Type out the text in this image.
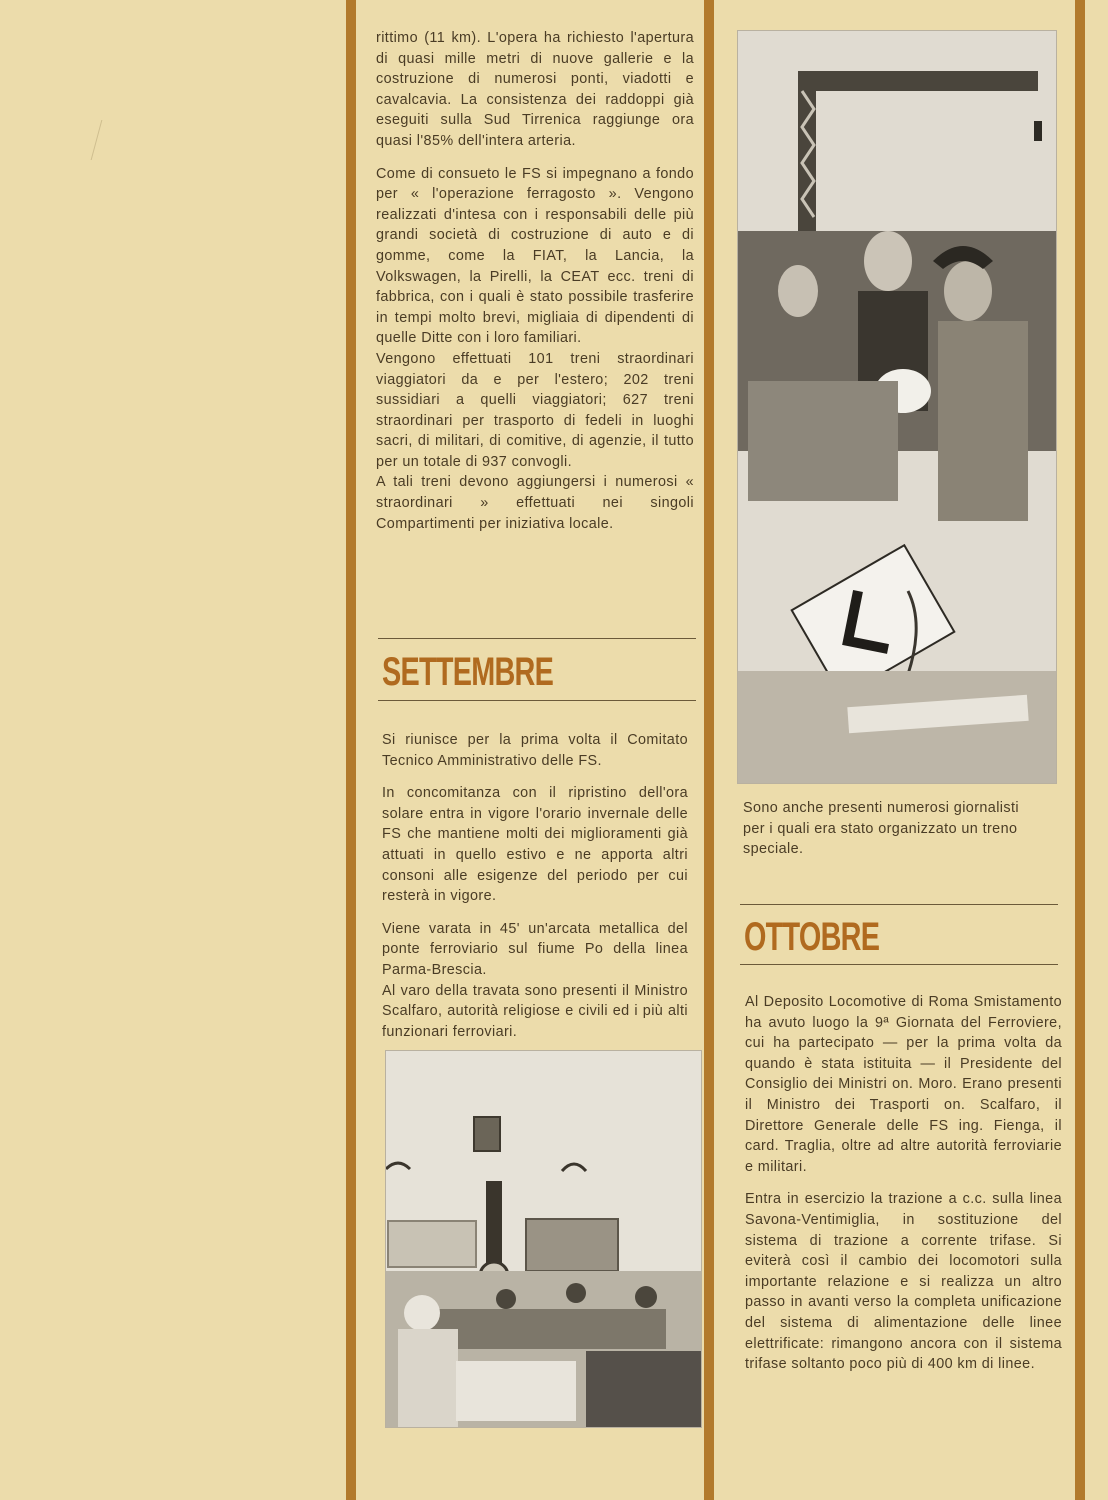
rittimo (11 km). L'opera ha richiesto l'apertura di quasi mille metri di nuove gallerie e la costruzione di numerosi ponti, viadotti e cavalcavia. La consistenza dei raddoppi già eseguiti sulla Sud Tirrenica raggiunge ora quasi l'85% dell'intera arteria.

Come di consueto le FS si impegnano a fondo per « l'operazione ferragosto ». Vengono realizzati d'intesa con i responsabili delle più grandi società di costruzione di auto e di gomme, come la FIAT, la Lancia, la Volkswagen, la Pirelli, la CEAT ecc. treni di fabbrica, con i quali è stato possibile trasferire in tempi molto brevi, migliaia di dipendenti di quelle Ditte con i loro familiari.

Vengono effettuati 101 treni straordinari viaggiatori da e per l'estero; 202 treni sussidiari a quelli viaggiatori; 627 treni straordinari per trasporto di fedeli in luoghi sacri, di militari, di comitive, di agenzie, il tutto per un totale di 937 convogli.

A tali treni devono aggiungersi i numerosi « straordinari » effettuati nei singoli Compartimenti per iniziativa locale.

SETTEMBRE

Si riunisce per la prima volta il Comitato Tecnico Amministrativo delle FS.

In concomitanza con il ripristino dell'ora solare entra in vigore l'orario invernale delle FS che mantiene molti dei miglioramenti già attuati in quello estivo e ne apporta altri consoni alle esigenze del periodo per cui resterà in vigore.

Viene varata in 45' un'arcata metallica del ponte ferroviario sul fiume Po della linea Parma-Brescia.

Al varo della travata sono presenti il Ministro Scalfaro, autorità religiose e civili ed i più alti funzionari ferroviari.

Sono anche presenti numerosi giornalisti per i quali era stato organizzato un treno speciale.
OTTOBRE

Al Deposito Locomotive di Roma Smistamento ha avuto luogo la 9ª Giornata del Ferroviere, cui ha partecipato — per la prima volta da quando è stata istituita — il Presidente del Consiglio dei Ministri on. Moro. Erano presenti il Ministro dei Trasporti on. Scalfaro, il Direttore Generale delle FS ing. Fienga, il card. Traglia, oltre ad altre autorità ferroviarie e militari.

Entra in esercizio la trazione a c.c. sulla linea Savona-Ventimiglia, in sostituzione del sistema di trazione a corrente trifase. Si eviterà così il cambio dei locomotori sulla importante relazione e si realizza un altro passo in avanti verso la completa unificazione del sistema di alimentazione delle linee elettrificate: rimangono ancora con il sistema trifase soltanto poco più di 400 km di linee.
